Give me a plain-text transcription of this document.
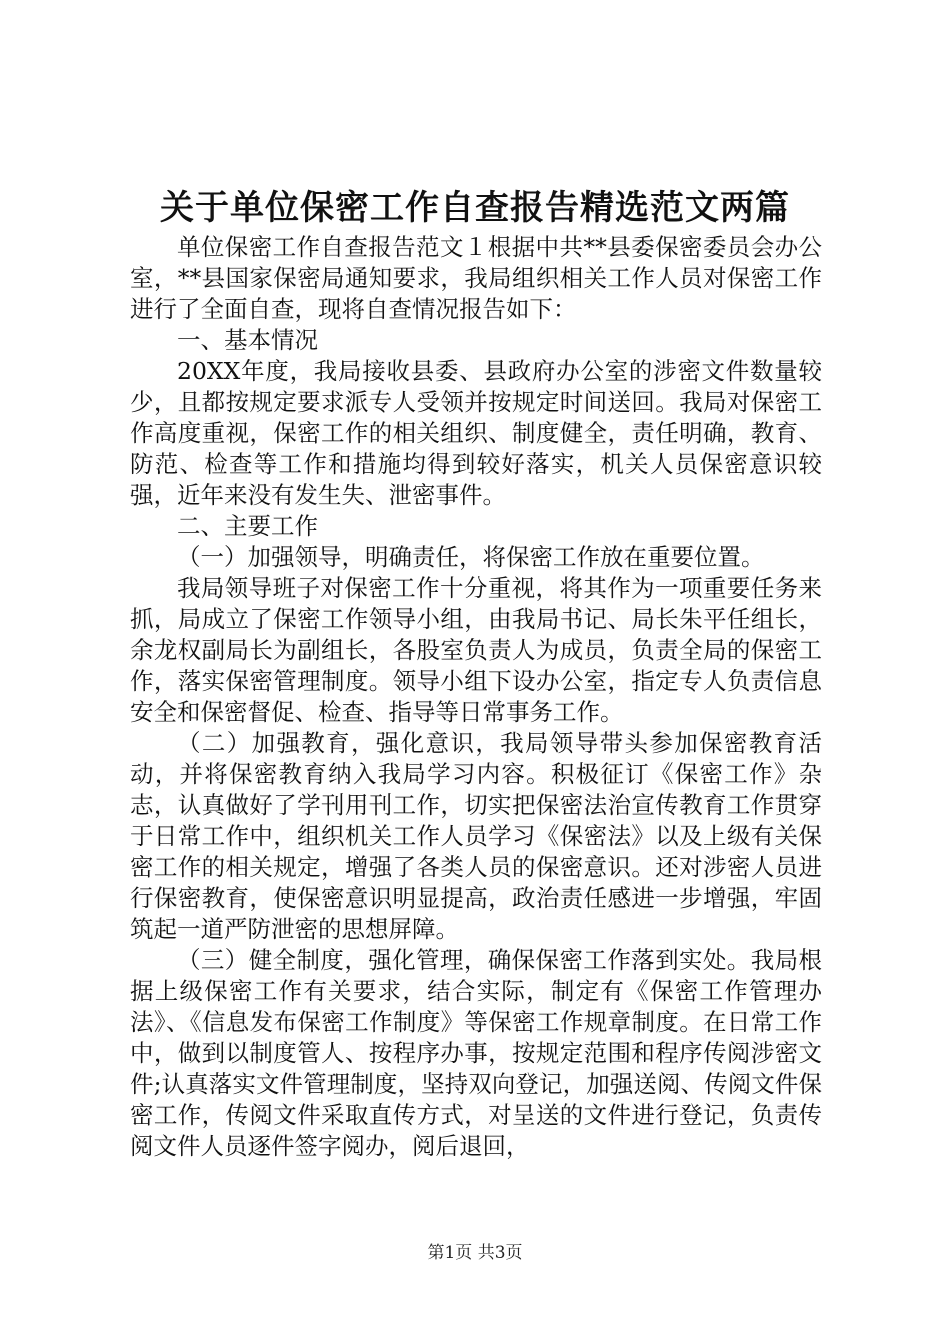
关于单位保密工作自查报告精选范文两篇

单位保密工作自查报告范文１根据中共**县委保密委员会办公室，**县国家保密局通知要求，我局组织相关工作人员对保密工作进行了全面自查，现将自查情况报告如下：

一、基本情况

20XX年度，我局接收县委、县政府办公室的涉密文件数量较少，且都按规定要求派专人受领并按规定时间送回。我局对保密工作高度重视，保密工作的相关组织、制度健全，责任明确，教育、防范、检查等工作和措施均得到较好落实，机关人员保密意识较强，近年来没有发生失、泄密事件。

二、主要工作

（一）加强领导，明确责任，将保密工作放在重要位置。

我局领导班子对保密工作十分重视，将其作为一项重要任务来抓，局成立了保密工作领导小组，由我局书记、局长朱平任组长，余龙权副局长为副组长，各股室负责人为成员，负责全局的保密工作，落实保密管理制度。领导小组下设办公室，指定专人负责信息安全和保密督促、检查、指导等日常事务工作。

（二）加强教育，强化意识，我局领导带头参加保密教育活动，并将保密教育纳入我局学习内容。积极征订《保密工作》杂志，认真做好了学刊用刊工作，切实把保密法治宣传教育工作贯穿于日常工作中，组织机关工作人员学习《保密法》以及上级有关保密工作的相关规定，增强了各类人员的保密意识。还对涉密人员进行保密教育，使保密意识明显提高，政治责任感进一步增强，牢固筑起一道严防泄密的思想屏障。

（三）健全制度，强化管理，确保保密工作落到实处。我局根据上级保密工作有关要求，结合实际，制定有《保密工作管理办法》、《信息发布保密工作制度》等保密工作规章制度。在日常工作中，做到以制度管人、按程序办事，按规定范围和程序传阅涉密文件;认真落实文件管理制度，坚持双向登记，加强送阅、传阅文件保密工作，传阅文件采取直传方式，对呈送的文件进行登记，负责传阅文件人员逐件签字阅办，阅后退回，

第1页 共3页
